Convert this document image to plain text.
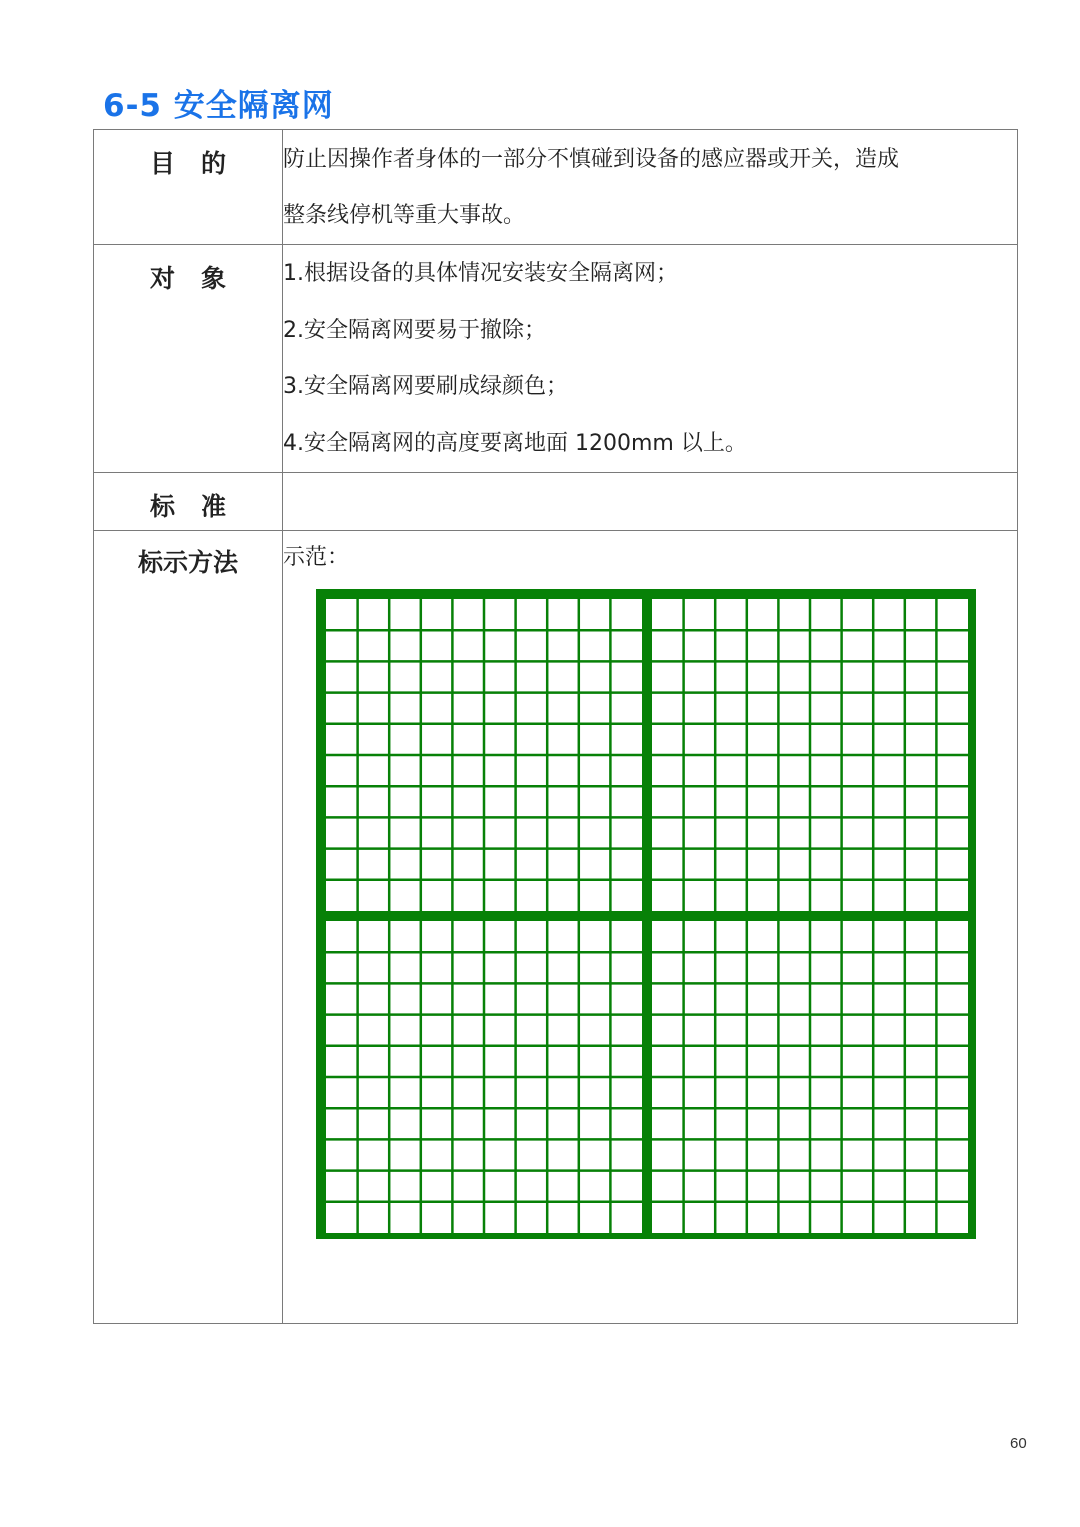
6-5 安全隔离网
目的	防止因操作者身体的一部分不慎碰到设备的感应器或开关，造成
整条线停机等重大事故。

对象	1.根据设备的具体情况安装安全隔离网；
2.安全隔离网要易于撤除；
3.安全隔离网要刷成绿颜色；
4.安全隔离网的高度要离地面 1200mm 以上。

标准	
标示方法	示范：
60
